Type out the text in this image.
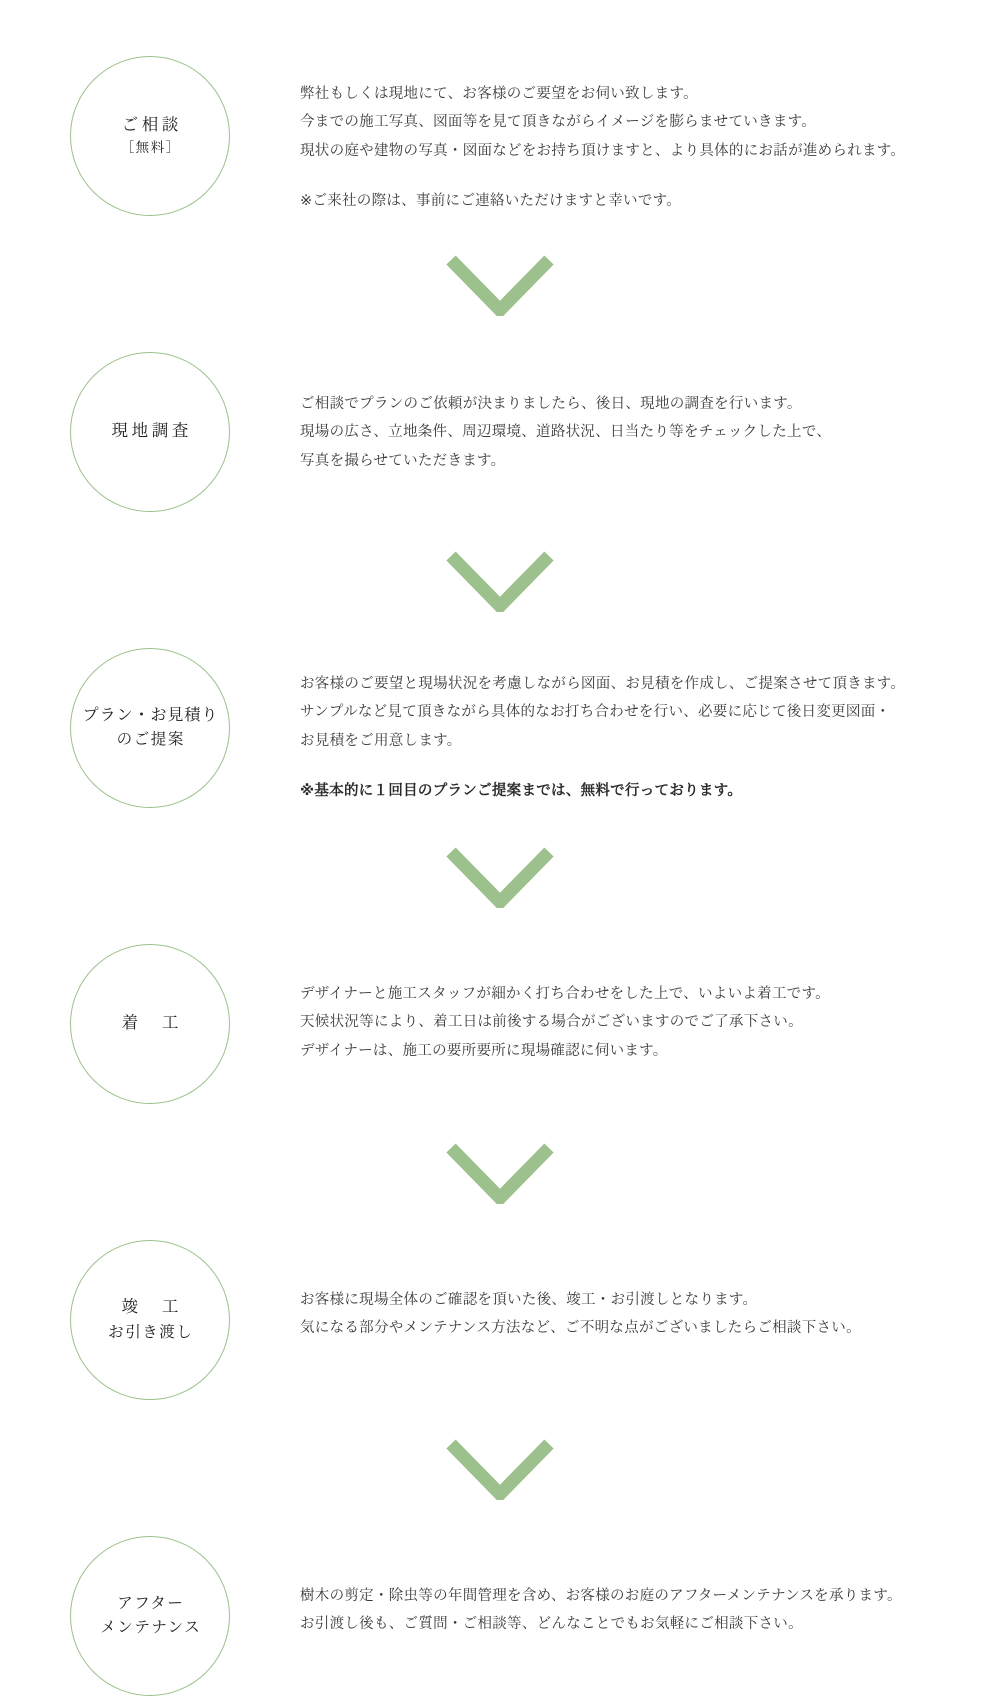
ご相談
［無料］

弊社もしくは現地にて、お客様のご要望をお伺い致します。

今までの施工写真、図面等を見て頂きながらイメージを膨らませていきます。

現状の庭や建物の写真・図面などをお持ち頂けますと、より具体的にお話が進められます。

※ご来社の際は、事前にご連絡いただけますと幸いです。

現地調査

ご相談でプランのご依頼が決まりましたら、後日、現地の調査を行います。

現場の広さ、立地条件、周辺環境、道路状況、日当たり等をチェックした上で、

写真を撮らせていただきます。

プラン・お見積り
のご提案

お客様のご要望と現場状況を考慮しながら図面、お見積を作成し、ご提案させて頂きます。

サンプルなど見て頂きながら具体的なお打ち合わせを行い、必要に応じて後日変更図面・

お見積をご用意します。

※基本的に１回目のプランご提案までは、無料で行っております。

着　工

デザイナーと施工スタッフが細かく打ち合わせをした上で、いよいよ着工です。

天候状況等により、着工日は前後する場合がございますのでご了承下さい。

デザイナーは、施工の要所要所に現場確認に伺います。

竣　工
お引き渡し

お客様に現場全体のご確認を頂いた後、竣工・お引渡しとなります。

気になる部分やメンテナンス方法など、ご不明な点がございましたらご相談下さい。

アフター
メンテナンス

樹木の剪定・除虫等の年間管理を含め、お客様のお庭のアフターメンテナンスを承ります。

お引渡し後も、ご質問・ご相談等、どんなことでもお気軽にご相談下さい。
